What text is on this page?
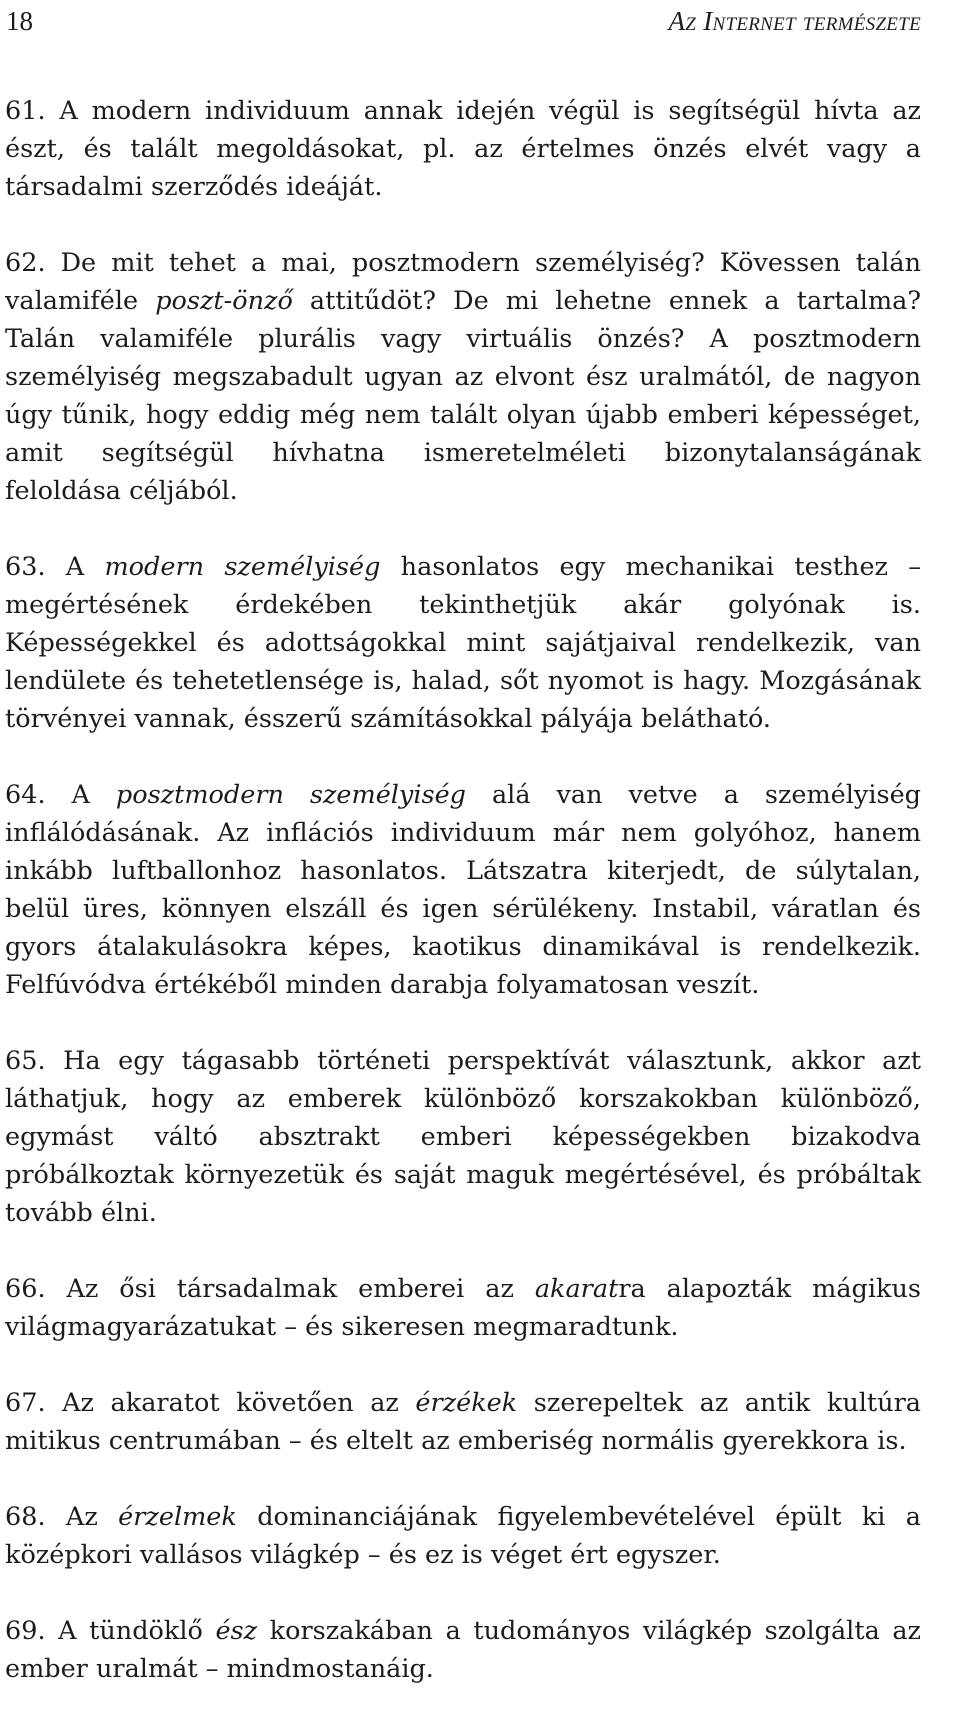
18	Az Internet természete

61. A modern individuum annak idején végül is segítségül hívta az észt, és talált megoldásokat, pl. az értelmes önzés elvét vagy a társadalmi szerződés ideáját.

62. De mit tehet a mai, posztmodern személyiség? Kövessen talán valamiféle poszt-önző attitűdöt? De mi lehetne ennek a tartalma? Talán valamiféle plurális vagy virtuális önzés? A posztmodern személyiség megszabadult ugyan az elvont ész uralmától, de nagyon úgy tűnik, hogy eddig még nem talált olyan újabb emberi képességet, amit segítségül hívhatna ismeretelméleti bizonytalanságának feloldása céljából.

63. A modern személyiség hasonlatos egy mechanikai testhez – megértésének érdekében tekinthetjük akár golyónak is. Képességekkel és adottságokkal mint sajátjaival rendelkezik, van lendülete és tehetetlensége is, halad, sőt nyomot is hagy. Mozgásának törvényei vannak, ésszerű számításokkal pályája belátható.

64. A posztmodern személyiség alá van vetve a személyiség inflálódásának. Az inflációs individuum már nem golyóhoz, hanem inkább luftballonhoz hasonlatos. Látszatra kiterjedt, de súlytalan, belül üres, könnyen elszáll és igen sérülékeny. Instabil, váratlan és gyors átalakulásokra képes, kaotikus dinamikával is rendelkezik. Felfúvódva értékéből minden darabja folyamatosan veszít.

65. Ha egy tágasabb történeti perspektívát választunk, akkor azt láthatjuk, hogy az emberek különböző korszakokban különböző, egymást váltó absztrakt emberi képességekben bizakodva próbálkoztak környezetük és saját maguk megértésével, és próbáltak tovább élni.

66. Az ősi társadalmak emberei az akaratra alapozták mágikus világmagyarázatukat – és sikeresen megmaradtunk.

67. Az akaratot követően az érzékek szerepeltek az antik kultúra mitikus centrumában – és eltelt az emberiség normális gyerekkora is.

68. Az érzelmek dominanciájának figyelembevételével épült ki a középkori vallásos világkép – és ez is véget ért egyszer.

69. A tündöklő ész korszakában a tudományos világkép szolgálta az ember uralmát – mindmostanáig.
